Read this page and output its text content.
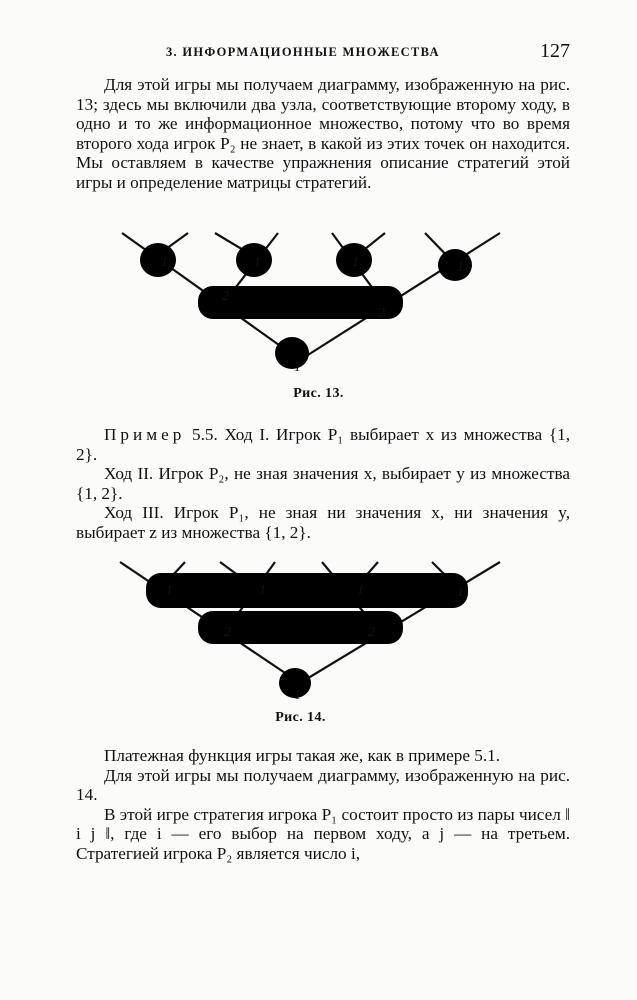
3. ИНФОРМАЦИОННЫЕ МНОЖЕСТВА	127

Для этой игры мы получаем диаграмму, изображенную на рис. 13; здесь мы включили два узла, соответствующие второму ходу, в одно и то же информационное множество, потому что во время второго хода игрок P₂ не знает, в какой из этих точек он находится. Мы оставляем в качестве упражнения описание стратегий этой игры и определение матрицы стратегий.

1	1	1	1
2
2
1
Рис. 13.
Пример 5.5. Ход I. Игрок P₁ выбирает x из множества {1, 2}.
Ход II. Игрок P₂, не зная значения x, выбирает y из множества {1, 2}.
Ход III. Игрок P₁, не зная ни значения x, ни значения y, выбирает z из множества {1, 2}.
1	1	1	1
2	2
1
Рис. 14.
Платежная функция игры такая же, как в примере 5.1.
Для этой игры мы получаем диаграмму, изображенную на рис. 14.
В этой игре стратегия игрока P₁ состоит просто из пары чисел ‖ i j ‖, где i — его выбор на первом ходу, а j — на третьем. Стратегией игрока P₂ является число i,
